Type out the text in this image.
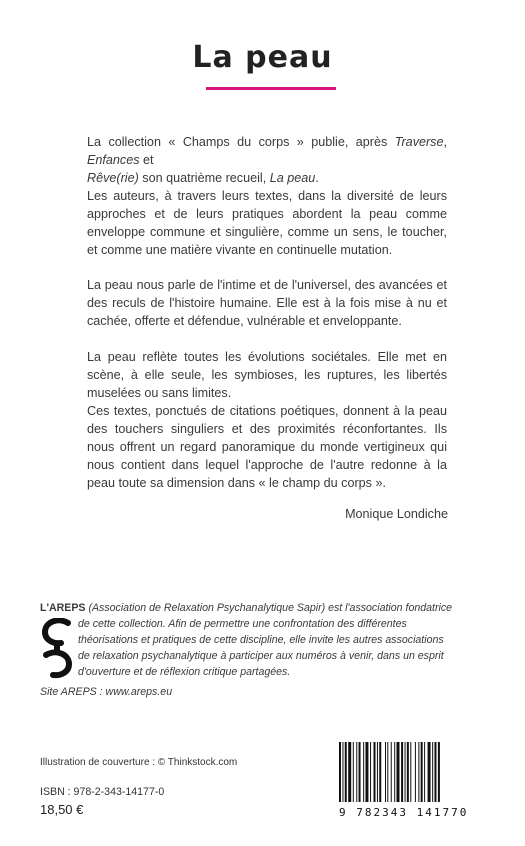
La peau
La collection « Champs du corps » publie, après Traverse, Enfances et
Rêve(rie) son quatrième recueil, La peau.
Les auteurs, à travers leurs textes, dans la diversité de leurs approches et de leurs pratiques abordent la peau comme enveloppe commune et singulière, comme un sens, le toucher, et comme une matière vivante en continuelle mutation.
La peau nous parle de l'intime et de l'universel, des avancées et des reculs de l'histoire humaine. Elle est à la fois mise à nu et cachée, offerte et défendue, vulnérable et enveloppante.
La peau reflète toutes les évolutions sociétales. Elle met en scène, à elle seule, les symbioses, les ruptures, les libertés muselées ou sans limites.
Ces textes, ponctués de citations poétiques, donnent à la peau des touchers singuliers et des proximités réconfortantes. Ils nous offrent un regard panoramique du monde vertigineux qui nous contient dans lequel l'approche de l'autre redonne à la peau toute sa dimension dans « le champ du corps ».
Monique Londiche
L'AREPS (Association de Relaxation Psychanalytique Sapir) est l'association fondatrice
de cette collection. Afin de permettre une confrontation des différentes
théorisations et pratiques de cette discipline, elle invite les autres associations
de relaxation psychanalytique à participer aux numéros à venir, dans un esprit
d'ouverture et de réflexion critique partagées.
Site AREPS : www.areps.eu
Illustration de couverture : © Thinkstock.com
ISBN : 978-2-343-14177-0
18,50 €	9 782343 141770
